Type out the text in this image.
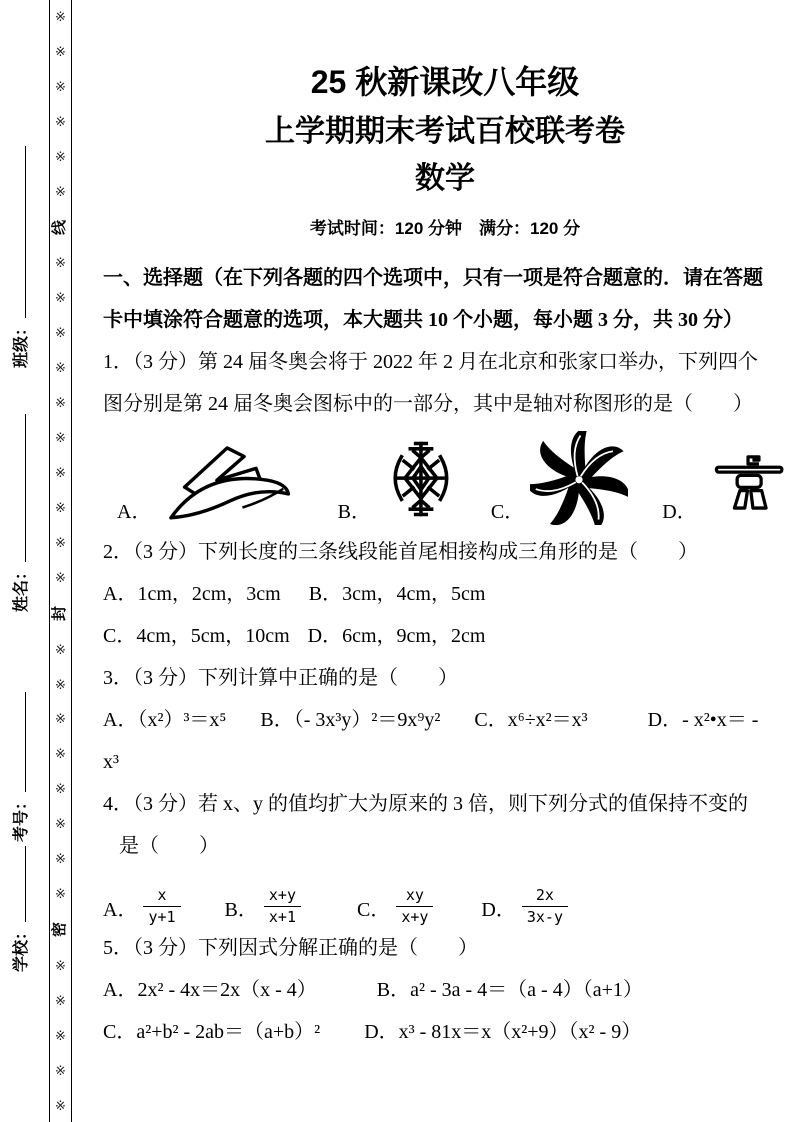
班级：
姓名：
考号：
学校：
※
※
※
※
※
※
线
※
※
※
※
※
※
※
※
※
※
封
※
※
※
※
※
※
※
※
密
※
※
※
※
※
25 秋新课改八年级
上学期期末考试百校联考卷
数学
考试时间：120 分钟　满分：120 分

一、选择题（在下列各题的四个选项中，只有一项是符合题意的．请在答题

卡中填涂符合题意的选项，本大题共 10 个小题，每小题 3 分，共 30 分）

1．（3 分）第 24 届冬奥会将于 2022 年 2 月在北京和张家口举办，下列四个

图分别是第 24 届冬奥会图标中的一部分，其中是轴对称图形的是（　　）

A．	B．	C．	D．

2．（3 分）下列长度的三条线段能首尾相接构成三角形的是（　　）

A．1cm，2cm，3cm B．3cm，4cm，5cm

C．4cm，5cm，10cm D．6cm，9cm，2cm

3．（3 分）下列计算中正确的是（　　）

A．（x²）³＝x⁵ B．（- 3x³y）²＝9x⁹y² C．x⁶÷x²＝x³	D．- x²•x＝ -

x³

4．（3 分）若 x、y 的值均扩大为原来的 3 倍，则下列分式的值保持不变的

是（　　）

A． $\frac{x}{y+1}$ B． $\frac{x+y}{x+1}$	C． $\frac{xy}{x+y}$ D． $\frac{2x}{3x-y}$

5．（3 分）下列因式分解正确的是（　　）

A．2x² - 4x＝2x（x - 4）	B．a² - 3a - 4＝（a - 4）（a+1）

C．a²+b² - 2ab＝（a+b）² D．x³ - 81x＝x（x²+9）（x² - 9）
